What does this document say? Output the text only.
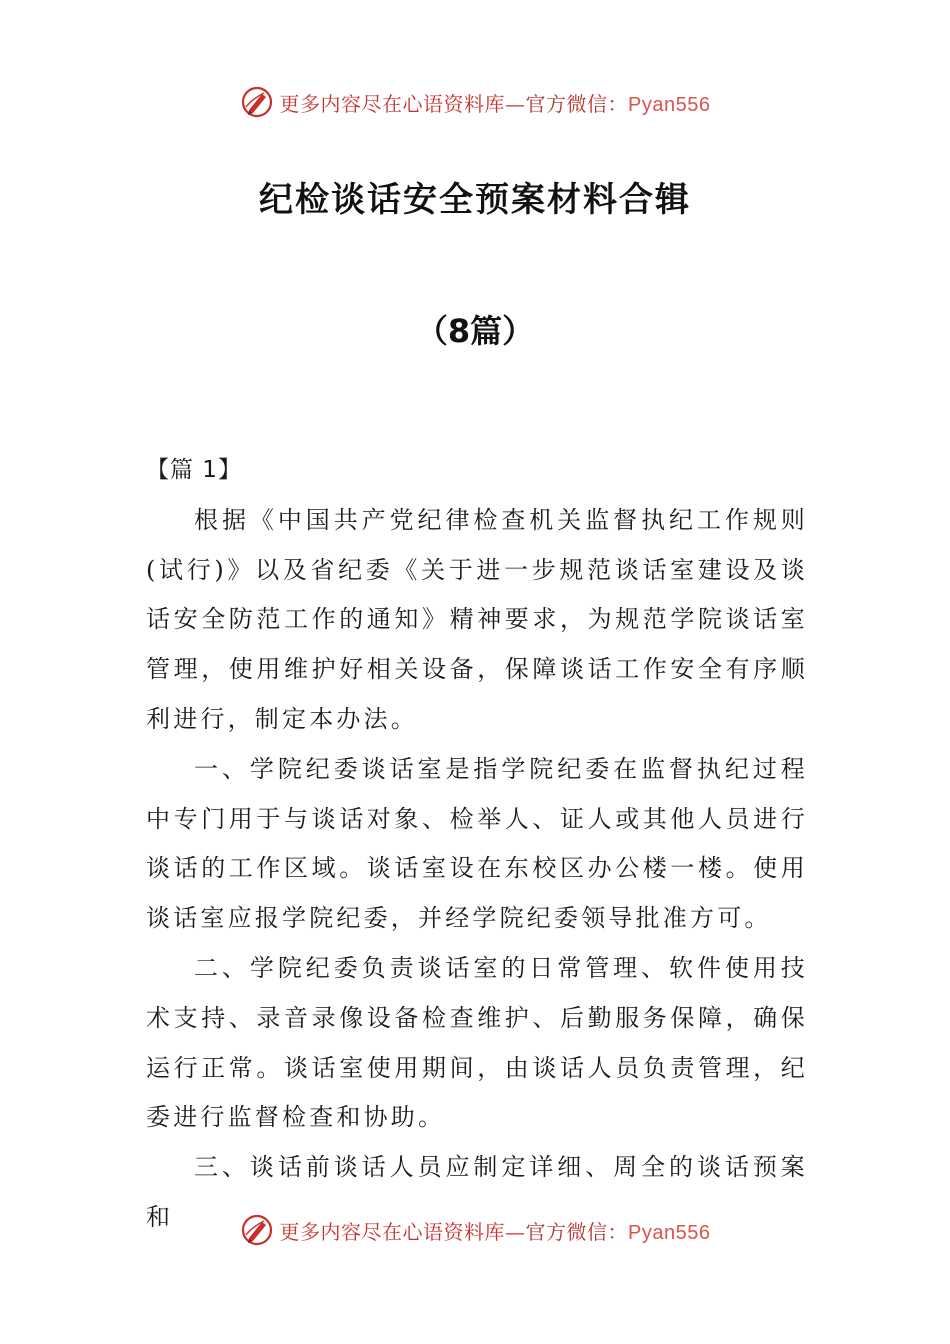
更多内容尽在心语资料库—官方微信：Pyan556
纪检谈话安全预案材料合辑
（8篇）

【篇 1】

根据《中国共产党纪律检查机关监督执纪工作规则(试行)》以及省纪委《关于进一步规范谈话室建设及谈话安全防范工作的通知》精神要求，为规范学院谈话室管理，使用维护好相关设备，保障谈话工作安全有序顺利进行，制定本办法。

一、学院纪委谈话室是指学院纪委在监督执纪过程中专门用于与谈话对象、检举人、证人或其他人员进行谈话的工作区域。谈话室设在东校区办公楼一楼。使用谈话室应报学院纪委，并经学院纪委领导批准方可。

二、学院纪委负责谈话室的日常管理、软件使用技术支持、录音录像设备检查维护、后勤服务保障，确保运行正常。谈话室使用期间，由谈话人员负责管理，纪委进行监督检查和协助。

三、谈话前谈话人员应制定详细、周全的谈话预案和

更多内容尽在心语资料库—官方微信：Pyan556
